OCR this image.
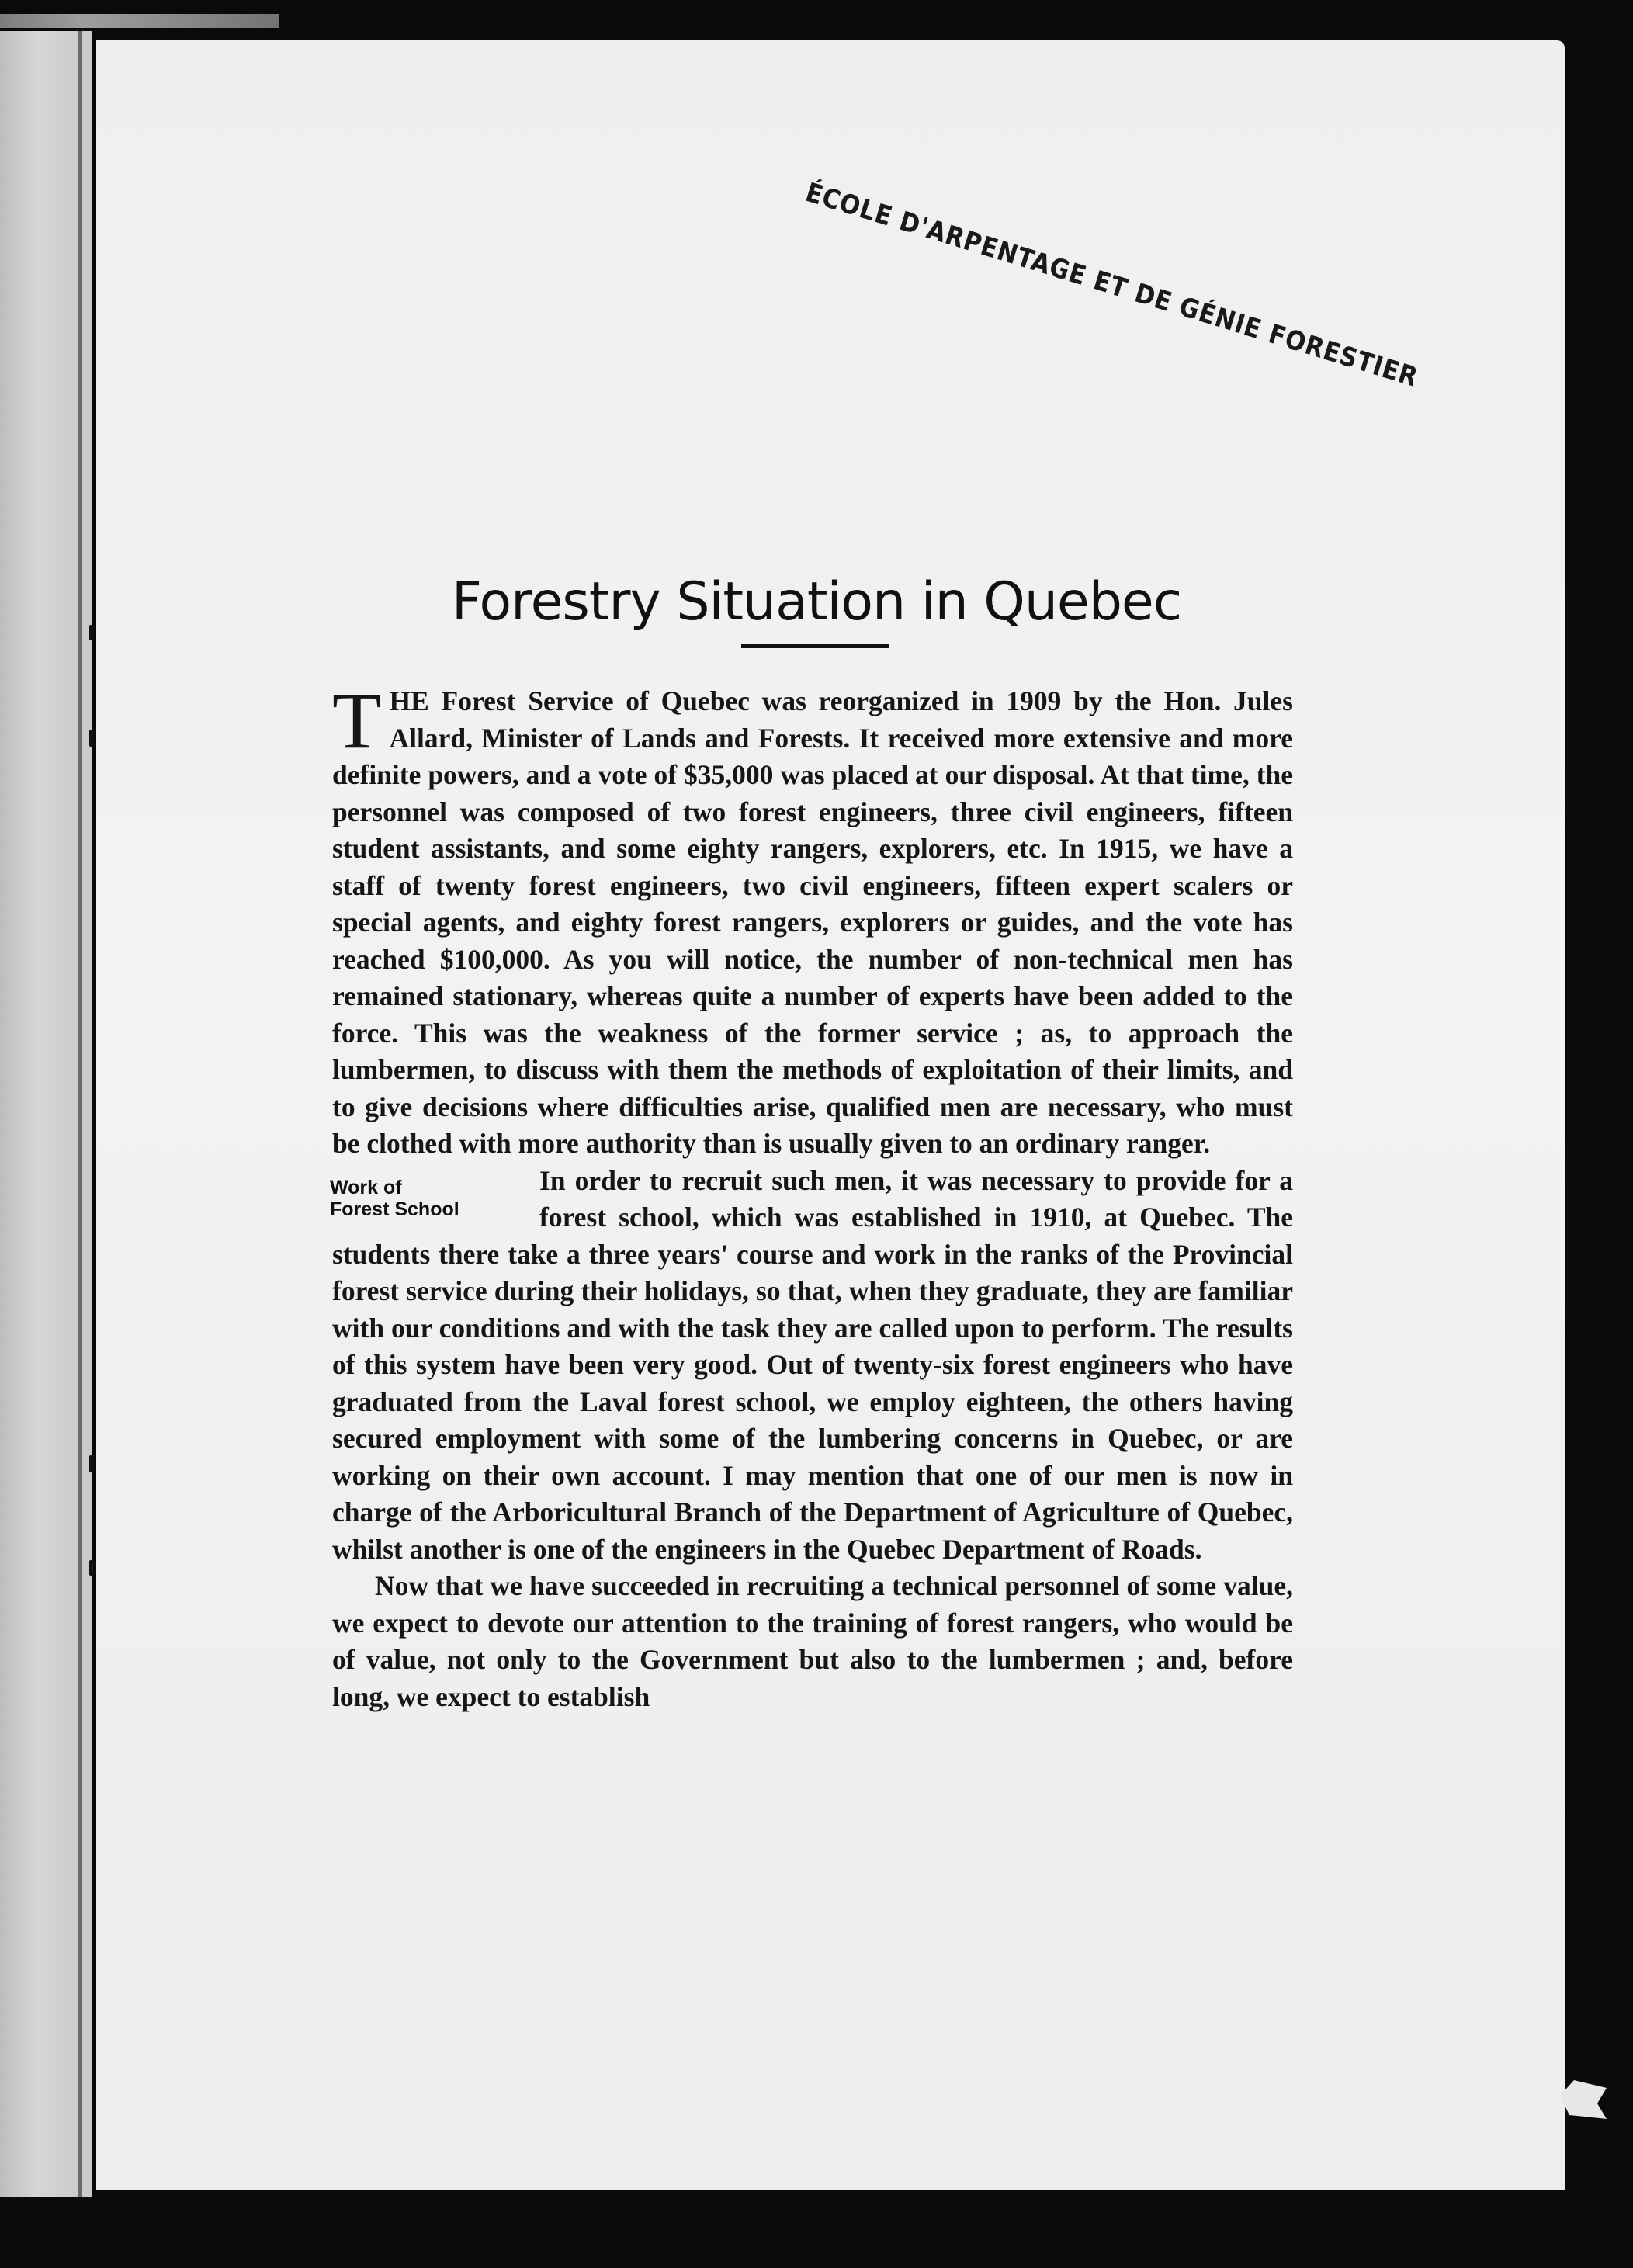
ÉCOLE D'ARPENTAGE ET DE GÉNIE FORESTIER
Forestry Situation in Quebec

THE Forest Service of Quebec was reorganized in 1909 by the Hon. Jules Allard, Minister of Lands and Forests. It received more extensive and more definite powers, and a vote of $35,000 was placed at our disposal. At that time, the personnel was composed of two forest engineers, three civil engineers, fifteen student assistants, and some eighty rangers, explorers, etc. In 1915, we have a staff of twenty forest engineers, two civil engineers, fifteen expert scalers or special agents, and eighty forest rangers, explorers or guides, and the vote has reached $100,000. As you will notice, the number of non-technical men has remained stationary, whereas quite a number of experts have been added to the force. This was the weakness of the former service ; as, to approach the lumbermen, to discuss with them the methods of exploitation of their limits, and to give decisions where difficulties arise, qualified men are necessary, who must be clothed with more authority than is usually given to an ordinary ranger.

Work of
Forest School

In order to recruit such men, it was necessary to provide for a forest school, which was established in 1910, at Quebec. The students there take a three years' course and work in the ranks of the Provincial forest service during their holidays, so that, when they graduate, they are familiar with our conditions and with the task they are called upon to perform. The results of this system have been very good. Out of twenty-six forest engineers who have graduated from the Laval forest school, we employ eighteen, the others having secured employment with some of the lumbering concerns in Quebec, or are working on their own account. I may mention that one of our men is now in charge of the Arboricultural Branch of the Department of Agriculture of Quebec, whilst another is one of the engineers in the Quebec Department of Roads.

Now that we have succeeded in recruiting a technical personnel of some value, we expect to devote our attention to the training of forest rangers, who would be of value, not only to the Government but also to the lumbermen ; and, before long, we expect to establish
